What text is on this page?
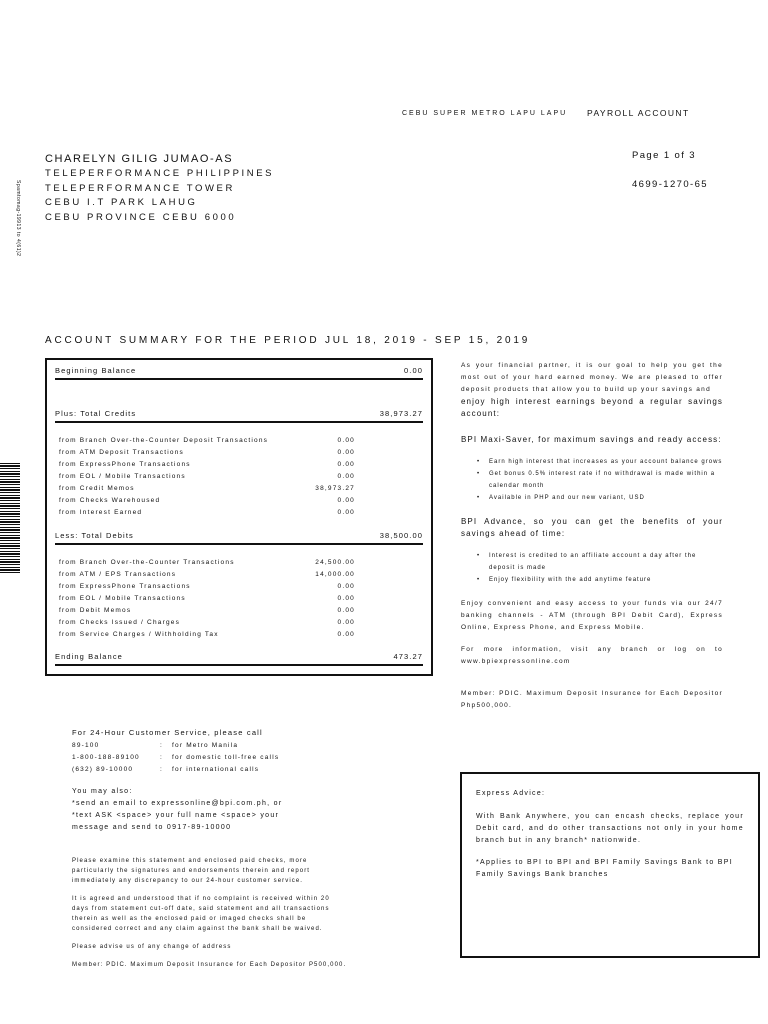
CEBU SUPER METRO LAPU LAPU PAYROLL ACCOUNT
CHARELYN GILIG JUMAO-AS
TELEPERFORMANCE PHILIPPINES
TELEPERFORMANCE TOWER
CEBU I.T PARK LAHUG
CEBU PROVINCE CEBU 6000
Page 1 of 3
4699-1270-65
Spamtomag-19913 to 4(61)2
ACCOUNT SUMMARY FOR THE PERIOD JUL 18, 2019 - SEP 15, 2019
Beginning Balance	0.00
Plus: Total Credits	38,973.27
from Branch Over-the-Counter Deposit Transactions	0.00
from ATM Deposit Transactions	0.00
from ExpressPhone Transactions	0.00
from EOL / Mobile Transactions	0.00
from Credit Memos	38,973.27
from Checks Warehoused	0.00
from Interest Earned	0.00
Less: Total Debits	38,500.00
from Branch Over-the-Counter Transactions	24,500.00
from ATM / EPS Transactions	14,000.00
from ExpressPhone Transactions	0.00
from EOL / Mobile Transactions	0.00
from Debit Memos	0.00
from Checks Issued / Charges	0.00
from Service Charges / Withholding Tax	0.00
Ending Balance	473.27

As your financial partner, it is our goal to help you get the most out of your hard earned money. We are pleased to offer deposit products that allow you to build up your savings and

enjoy high interest earnings beyond a regular savings account:

BPI Maxi-Saver, for maximum savings and ready access:

• Earn high interest that increases as your account balance grows
• Get bonus 0.5% interest rate if no withdrawal is made within a calendar month
• Available in PHP and our new variant, USD

BPI Advance, so you can get the benefits of your savings ahead of time:

• Interest is credited to an affiliate account a day after the deposit is made
• Enjoy flexibility with the add anytime feature

Enjoy convenient and easy access to your funds via our 24/7 banking channels - ATM (through BPI Debit Card), Express Online, Express Phone, and Express Mobile.

For more information, visit any branch or log on to www.bpiexpressonline.com

Member: PDIC. Maximum Deposit Insurance for Each Depositor Php500,000.

For 24-Hour Customer Service, please call
89-100	:	for Metro Manila
1-800-188-89100	:	for domestic toll-free calls
(632) 89-10000	:	for international calls
You may also:
*send an email to expressonline@bpi.com.ph, or
*text ASK <space> your full name <space> your
message and send to 0917-89-10000
Please examine this statement and enclosed paid checks, more particularly the signatures and endorsements therein and report immediately any discrepancy to our 24-hour customer service.
It is agreed and understood that if no complaint is received within 20 days from statement cut-off date, said statement and all transactions therein as well as the enclosed paid or imaged checks shall be considered correct and any claim against the bank shall be waived.
Please advise us of any change of address
Member: PDIC. Maximum Deposit Insurance for Each Depositor P500,000.
Express Advice:
With Bank Anywhere, you can encash checks, replace your Debit card, and do other transactions not only in your home branch but in any branch* nationwide.
*Applies to BPI to BPI and BPI Family Savings Bank to BPI Family Savings Bank branches
